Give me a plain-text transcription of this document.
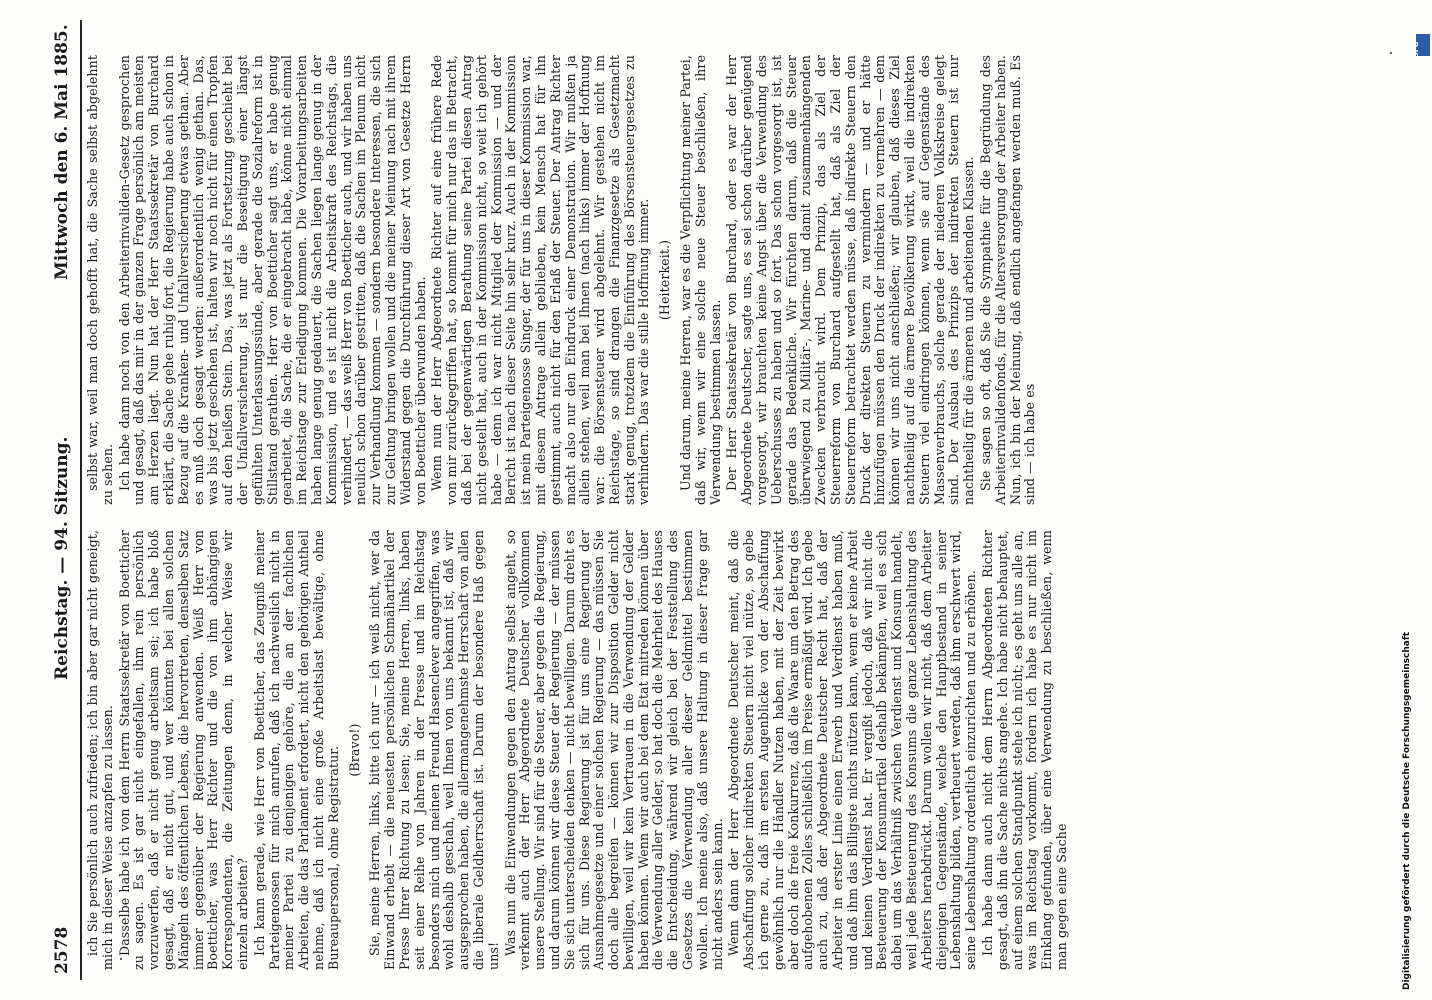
2578
Reichstag. — 94. Sitzung.
Mittwoch den 6. Mai 1885.

ich Sie persönlich auch zufrieden; ich bin aber gar nicht geneigt, mich in dieser Weise anzapfen zu lassen. Dasselbe habe ich von dem Herrn Staatssekretär von Boetticher zu sagen. Es ist gar nicht eingefallen, ihm rein persönlich vorzuwerfen, daß er nicht genug arbeitsam sei; ich habe bloß gesagt, daß er nicht gut, und wer könnten bei allen solchen Mängeln des öffentlichen Lebens, die hervortreten, denselben Satz immer gegenüber der Regierung anwenden. Weiß Herr von Boetticher, was Herr Richter und die von ihm abhängigen Korrespondenten, die Zeitungen denn, in welcher Weise wir einzeln arbeiten? Ich kann gerade, wie Herr von Boetticher, das Zeugniß meiner Parteigenossen für mich anrufen, daß ich nachweislich nicht in meiner Partei zu denjenigen gehöre, die an der fachlichen Arbeiten, die das Parlament erfordert, nicht den gehörigen Antheil nehme, daß ich nicht eine große Arbeitslast bewältige, ohne Bureaupersonal, ohne Registratur. (Bravo!) Sie, meine Herren, links, bitte ich nur — ich weiß nicht, wer da Einwand erhebt — die neuesten persönlichen Schmähartikel der Presse Ihrer Richtung zu lesen; Sie, meine Herren, links, haben seit einer Reihe von Jahren in der Presse und im Reichstag besonders mich und meinen Freund Hasenclever angegriffen, was wohl deshalb geschah, weil Ihnen von uns bekannt ist, daß wir ausgesprochen haben, die allermangenehmste Herrschaft von allen die liberale Geldherrschaft ist. Darum der besondere Haß gegen uns! Was nun die Einwendungen gegen den Antrag selbst angeht, so verkennt auch der Herr Abgeordnete Deutscher vollkommen unsere Stellung. Wir sind für die Steuer, aber gegen die Regierung, und darum können wir diese Steuer der Regierung — der müssen Sie sich unterscheiden denken — nicht bewilligen. Darum dreht es sich für uns. Diese Regierung ist für uns eine Regierung der Ausnahmegesetze und einer solchen Regierung — das müssen Sie doch alle begreifen — können wir zur Disposition Gelder nicht bewilligen, weil wir kein Vertrauen in die Verwendung der Gelder haben können. Wenn wir auch bei dem Etat mitreden können über die Verwendung aller Gelder, so hat doch die Mehrheit des Hauses die Entscheidung, während wir gleich bei der Feststellung des Gesetzes die Verwendung aller dieser Geldmittel bestimmen wollen. Ich meine also, daß unsere Haltung in dieser Frage gar nicht anders sein kann. Wenn dann der Herr Abgeordnete Deutscher meint, daß die Abschaffung solcher indirekten Steuern nicht viel nütze, so gebe ich gerne zu, daß im ersten Augenblicke von der Abschaffung gewöhnlich nur die Händler Nutzen haben, mit der Zeit bewirkt aber doch die freie Konkurrenz, daß die Waare um den Betrag des aufgehobenen Zolles schließlich im Preise ermäßigt wird. Ich gebe auch zu, daß der Abgeordnete Deutscher Recht hat, daß der Arbeiter in erster Linie einen Erwerb und Verdienst haben muß, und daß ihm das Billigste nichts nützen kann, wenn er keine Arbeit und keinen Verdienst hat. Er vergißt jedoch, daß wir nicht die Besteuerung der Konsumartikel deshalb bekämpfen, weil es sich dabei um das Verhältniß zwischen Verdienst und Konsum handelt, weil jede Besteuerung des Konsums die ganze Lebenshaltung des Arbeiters herabdrückt. Darum wollen wir nicht, daß dem Arbeiter diejenigen Gegenstände, welche den Hauptbestand in seiner Lebenshaltung bilden, vertheuert werden, daß ihm erschwert wird, seine Lebenshaltung ordentlich einzurichten und zu erhöhen. Ich habe dann auch nicht dem Herrn Abgeordneten Richter gesagt, daß ihn die Sache nichts angehe. Ich habe nicht behauptet, auf einem solchen Standpunkt stehe ich nicht; es geht uns alle an, was im Reichstag vorkommt, fordern ich habe es nur nicht im Einklang gefunden, über eine Verwendung zu beschließen, wenn man gegen eine Sache

selbst war, weil man doch gehofft hat, die Sache selbst abgelehnt zu sehen. Ich habe dann noch von den Arbeiterinvaliden-Gesetz gesprochen und gesagt, daß das mir in der ganzen Frage persönlich am meisten am Herzen liegt. Nun hat der Herr Staatssekretär von Burchard erklärt, die Sache gehe ruhig fort, die Regierung habe auch schon in Bezug auf die Kranken- und Unfallversicherung etwas gethan. Aber es muß doch gesagt werden: außerordentlich wenig gethan. Das, was bis jetzt geschehen ist, halten wir noch nicht für einen Tropfen auf den heißen Stein. Das, was jetzt als Fortsetzung geschieht bei der Unfallversicherung, ist nur die Beseitigung einer längst gefühlten Unterlassungssünde, aber gerade die Sozialreform ist in Stillstand gerathen. Herr von Boetticher sagt uns, er habe genug gearbeitet, die Sache, die er eingebracht habe, könne nicht einmal im Reichstage zur Erledigung kommen. Die Vorarbeitungsarbeiten haben lange genug gedauert, die Sachen liegen lange genug in der Kommission, und es ist nicht die Arbeitskraft des Reichstags, die verhindert, — das weiß Herr von Boetticher auch, und wir haben uns neulich schon darüber gestritten, daß die Sachen im Plenum nicht zur Verhandlung kommen — sondern besondere Interessen, die sich zur Geltung bringen wollen und die meiner Meinung nach mit ihrem Widerstand gegen die Durchführung dieser Art von Gesetze Herrn von Boetticher überwunden haben. Wenn nun der Herr Abgeordnete Richter auf eine frühere Rede von mir zurückgegriffen hat, so kommt für mich nur das in Betracht, daß bei der gegenwärtigen Berathung seine Partei diesen Antrag nicht gestellt hat, auch in der Kommission nicht, so weit ich gehört habe — denn ich war nicht Mitglied der Kommission — und der Bericht ist nach dieser Seite hin sehr kurz. Auch in der Kommission ist mein Parteigenosse Singer, der für uns in dieser Kommission war, mit diesem Antrage allein geblieben, kein Mensch hat für ihn gestimmt, auch nicht für den Erlaß der Steuer. Der Antrag Richter macht also nur den Eindruck einer Demonstration. Wir mußten ja allein stehen, weil man bei Ihnen (nach links) immer der Hoffnung war: die Börsensteuer wird abgelehnt. Wir gestehen nicht im Reichstage, so sind drangen die Finanzgesetze als Gesetzmacht stark genug, trotzdem die Einführung des Börsensteuergesetzes zu verhindern. Das war die stille Hoffnung immer. (Heiterkeit.) Und darum, meine Herren, war es die Verpflichtung meiner Partei, daß wir, wenn wir eine solche neue Steuer beschließen, ihre Verwendung bestimmen lassen. Der Herr Staatssekretär von Burchard, oder es war der Herr Abgeordnete Deutscher, sagte uns, es sei schon darüber genügend vorgesorgt, wir brauchten keine Angst über die Verwendung des Ueberschusses zu haben und so fort. Das schon vorgesorgt ist, ist gerade das Bedenkliche. Wir fürchten darum, daß die Steuer überwiegend zu Militär-, Marine- und damit zusammenhängenden Zwecken verbraucht wird. Dem Prinzip, das als Ziel der Steuerreform von Burchard aufgestellt hat, daß als Ziel der Steuerreform betrachtet werden müsse, daß indirekte Steuern den Druck der direkten Steuern zu vermindern — und er hätte hinzufügen müssen den Druck der indirekten zu vermehren — dem können wir uns nicht anschließen; wir glauben, daß dieses Ziel nachtheilig auf die ärmere Bevölkerung wirkt, weil die indirekten Steuern viel eindringen können, wenn sie auf Gegenstände des Massenverbrauchs, solche gerade der niederen Volkskreise gelegt sind. Der Ausbau des Prinzips der indirekten Steuern ist nur nachtheilig für die ärmeren und arbeitenden Klassen. Sie sagen so oft, daß Sie die Sympathie für die Begründung des Arbeiterinvalidenfonds, für die Altersversorgung der Arbeiter haben. Nun, ich bin der Meinung, daß endlich angefangen werden muß. Es sind — ich habe es

DFG
Digitalisierung gefördert durch die Deutsche Forschungsgemeinschaft
